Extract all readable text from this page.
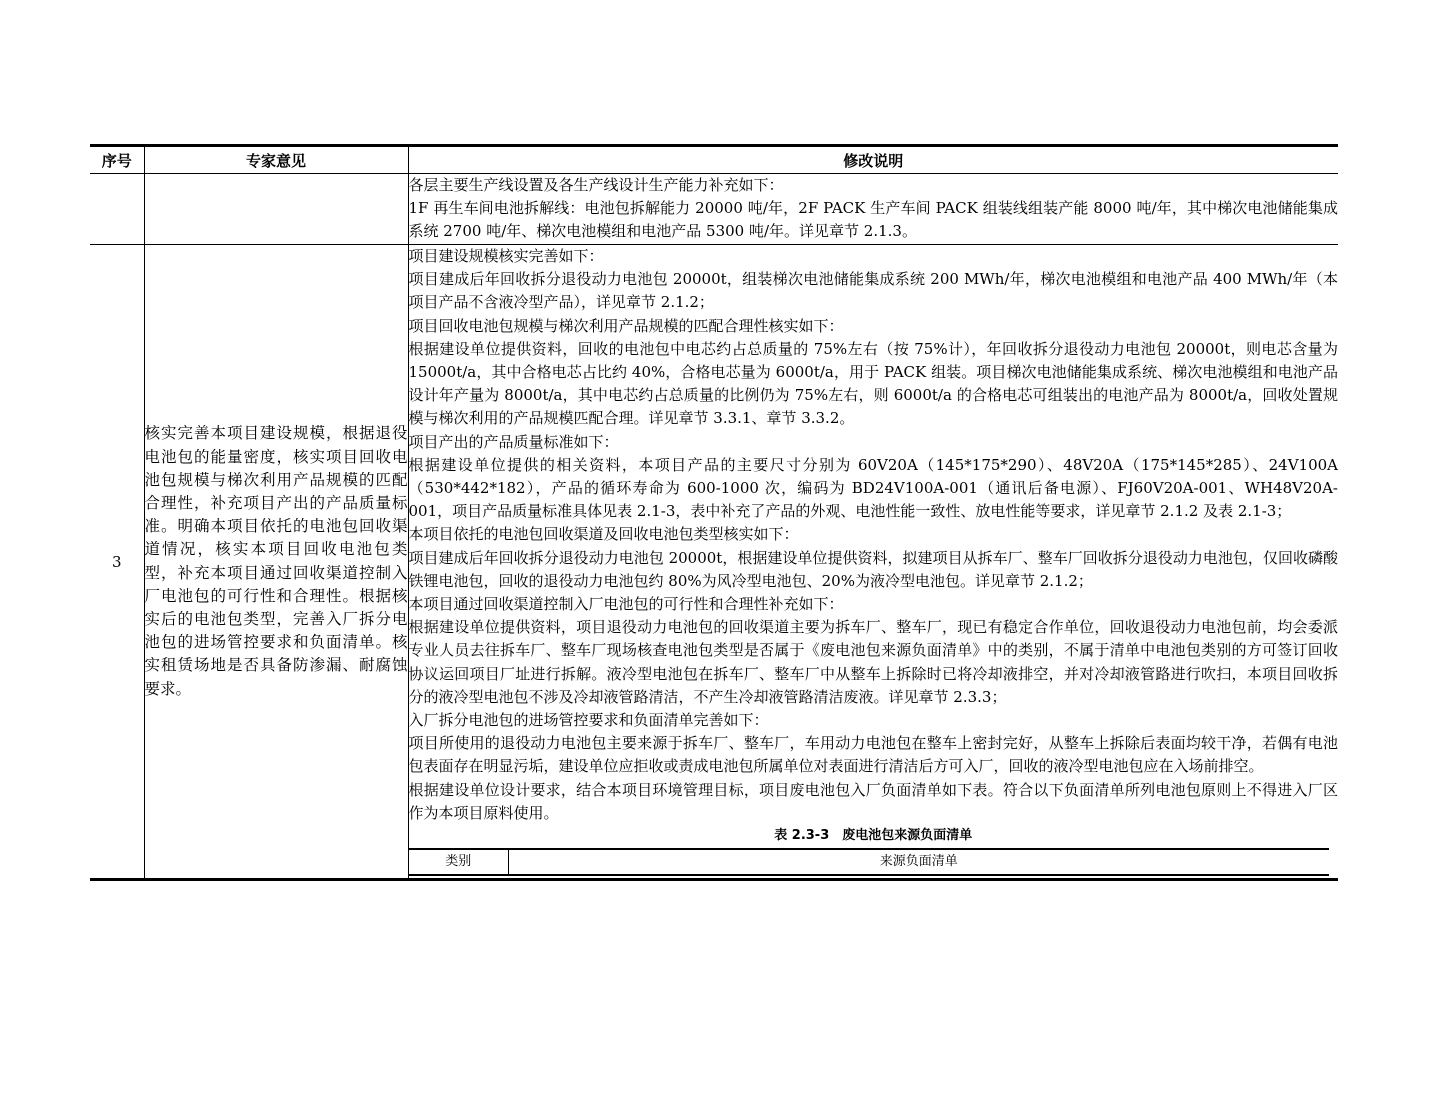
序号	专家意见	修改说明

各层主要生产线设置及各生产线设计生产能力补充如下：

1F 再生车间电池拆解线：电池包拆解能力 20000 吨/年，2F PACK 生产车间 PACK 组装线组装产能 8000 吨/年，其中梯次电池储能集成系统 2700 吨/年、梯次电池模组和电池产品 5300 吨/年。详见章节 2.1.3。

3	核实完善本项目建设规模，根据退役电池包的能量密度，核实项目回收电池包规模与梯次利用产品规模的匹配合理性，补充项目产出的产品质量标准。明确本项目依托的电池包回收渠道情况，核实本项目回收电池包类型，补充本项目通过回收渠道控制入厂电池包的可行性和合理性。根据核实后的电池包类型，完善入厂拆分电池包的进场管控要求和负面清单。核实租赁场地是否具备防渗漏、耐腐蚀要求。	

项目建设规模核实完善如下：

项目建成后年回收拆分退役动力电池包 20000t，组装梯次电池储能集成系统 200 MWh/年，梯次电池模组和电池产品 400 MWh/年（本项目产品不含液冷型产品），详见章节 2.1.2；

项目回收电池包规模与梯次利用产品规模的匹配合理性核实如下：

根据建设单位提供资料，回收的电池包中电芯约占总质量的 75%左右（按 75%计），年回收拆分退役动力电池包 20000t，则电芯含量为 15000t/a，其中合格电芯占比约 40%，合格电芯量为 6000t/a，用于 PACK 组装。项目梯次电池储能集成系统、梯次电池模组和电池产品设计年产量为 8000t/a，其中电芯约占总质量的比例仍为 75%左右，则 6000t/a 的合格电芯可组装出的电池产品为 8000t/a，回收处置规模与梯次利用的产品规模匹配合理。详见章节 3.3.1、章节 3.3.2。

项目产出的产品质量标准如下：

根据建设单位提供的相关资料，本项目产品的主要尺寸分别为 60V20A（145*175*290）、48V20A（175*145*285）、24V100A（530*442*182），产品的循环寿命为 600-1000 次，编码为 BD24V100A-001（通讯后备电源）、FJ60V20A-001、WH48V20A-001，项目产品质量标准具体见表 2.1-3，表中补充了产品的外观、电池性能一致性、放电性能等要求，详见章节 2.1.2 及表 2.1-3；

本项目依托的电池包回收渠道及回收电池包类型核实如下：

项目建成后年回收拆分退役动力电池包 20000t，根据建设单位提供资料，拟建项目从拆车厂、整车厂回收拆分退役动力电池包，仅回收磷酸铁锂电池包，回收的退役动力电池包约 80%为风冷型电池包、20%为液冷型电池包。详见章节 2.1.2；

本项目通过回收渠道控制入厂电池包的可行性和合理性补充如下：

根据建设单位提供资料，项目退役动力电池包的回收渠道主要为拆车厂、整车厂，现已有稳定合作单位，回收退役动力电池包前，均会委派专业人员去往拆车厂、整车厂现场核查电池包类型是否属于《废电池包来源负面清单》中的类别，不属于清单中电池包类别的方可签订回收协议运回项目厂址进行拆解。液冷型电池包在拆车厂、整车厂中从整车上拆除时已将冷却液排空，并对冷却液管路进行吹扫，本项目回收拆分的液冷型电池包不涉及冷却液管路清洁，不产生冷却液管路清洁废液。详见章节 2.3.3；

入厂拆分电池包的进场管控要求和负面清单完善如下：

项目所使用的退役动力电池包主要来源于拆车厂、整车厂，车用动力电池包在整车上密封完好，从整车上拆除后表面均较干净，若偶有电池包表面存在明显污垢，建设单位应拒收或责成电池包所属单位对表面进行清洁后方可入厂，回收的液冷型电池包应在入场前排空。

根据建设单位设计要求，结合本项目环境管理目标，项目废电池包入厂负面清单如下表。符合以下负面清单所列电池包原则上不得进入厂区作为本项目原料使用。

表 2.3-3　废电池包来源负面清单
类别	来源负面清单
